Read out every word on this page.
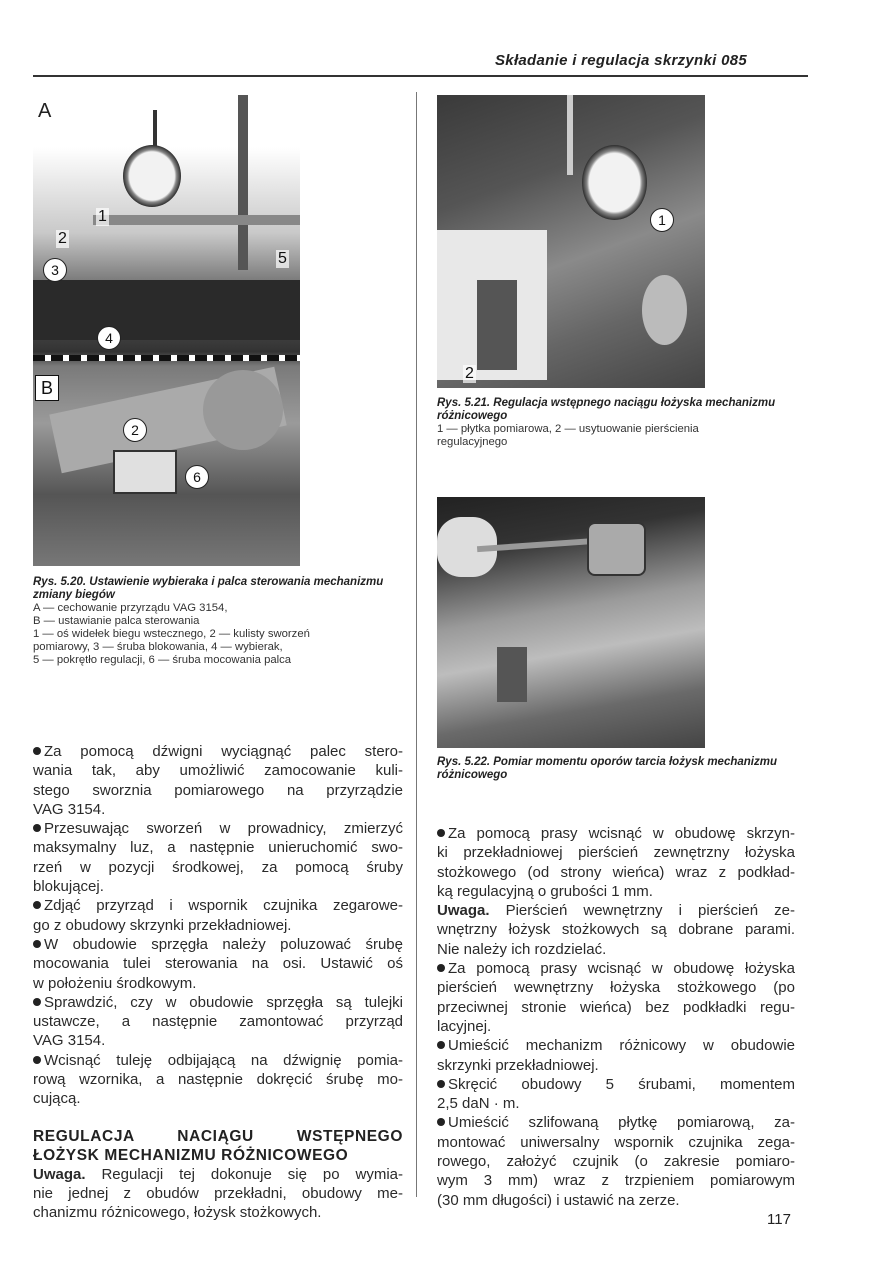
Składanie i regulacja skrzynki 085
1
2
3
4
5
B
2
6
A
Rys. 5.20. Ustawienie wybieraka i palca sterowania mechanizmu zmiany biegów
A — cechowanie przyrządu VAG 3154,
B — ustawianie palca sterowania
1 — oś widełek biegu wstecznego, 2 — kulisty sworzeń
pomiarowy, 3 — śruba blokowania, 4 — wybierak,
5 — pokrętło regulacji, 6 — śruba mocowania palca
1
2
Rys. 5.21. Regulacja wstępnego naciągu łożyska mechanizmu różnicowego
1 — płytka pomiarowa, 2 — usytuowanie pierścienia
regulacyjnego
Rys. 5.22. Pomiar momentu oporów tarcia łożysk mechanizmu różnicowego
Za pomocą dźwigni wyciągnąć palec stero-
wania tak, aby umożliwić zamocowanie kuli-
stego sworznia pomiarowego na przyrządzie
VAG 3154.
Przesuwając sworzeń w prowadnicy, zmierzyć
maksymalny luz, a następnie unieruchomić swo-
rzeń w pozycji środkowej, za pomocą śruby
blokującej.
Zdjąć przyrząd i wspornik czujnika zegarowe-
go z obudowy skrzynki przekładniowej.
W obudowie sprzęgła należy poluzować śrubę
mocowania tulei sterowania na osi. Ustawić oś
w położeniu środkowym.
Sprawdzić, czy w obudowie sprzęgła są tulejki
ustawcze, a następnie zamontować przyrząd
VAG 3154.
Wcisnąć tuleję odbijającą na dźwignię pomia-
rową wzornika, a następnie dokręcić śrubę mo-
cującą.
REGULACJA NACIĄGU WSTĘPNEGO
ŁOŻYSK MECHANIZMU RÓŻNICOWEGO
Uwaga. Regulacji tej dokonuje się po wymia-
nie jednej z obudów przekładni, obudowy me-
chanizmu różnicowego, łożysk stożkowych.
Za pomocą prasy wcisnąć w obudowę skrzyn-
ki przekładniowej pierścień zewnętrzny łożyska
stożkowego (od strony wieńca) wraz z podkład-
ką regulacyjną o grubości 1 mm.
Uwaga. Pierścień wewnętrzny i pierścień ze-
wnętrzny łożysk stożkowych są dobrane parami.
Nie należy ich rozdzielać.
Za pomocą prasy wcisnąć w obudowę łożyska
pierścień wewnętrzny łożyska stożkowego (po
przeciwnej stronie wieńca) bez podkładki regu-
lacyjnej.
Umieścić mechanizm różnicowy w obudowie
skrzynki przekładniowej.
Skręcić obudowy 5 śrubami, momentem
2,5 daN · m.
Umieścić szlifowaną płytkę pomiarową, za-
montować uniwersalny wspornik czujnika zega-
rowego, założyć czujnik (o zakresie pomiaro-
wym 3 mm) wraz z trzpieniem pomiarowym
(30 mm długości) i ustawić na zerze.
117
